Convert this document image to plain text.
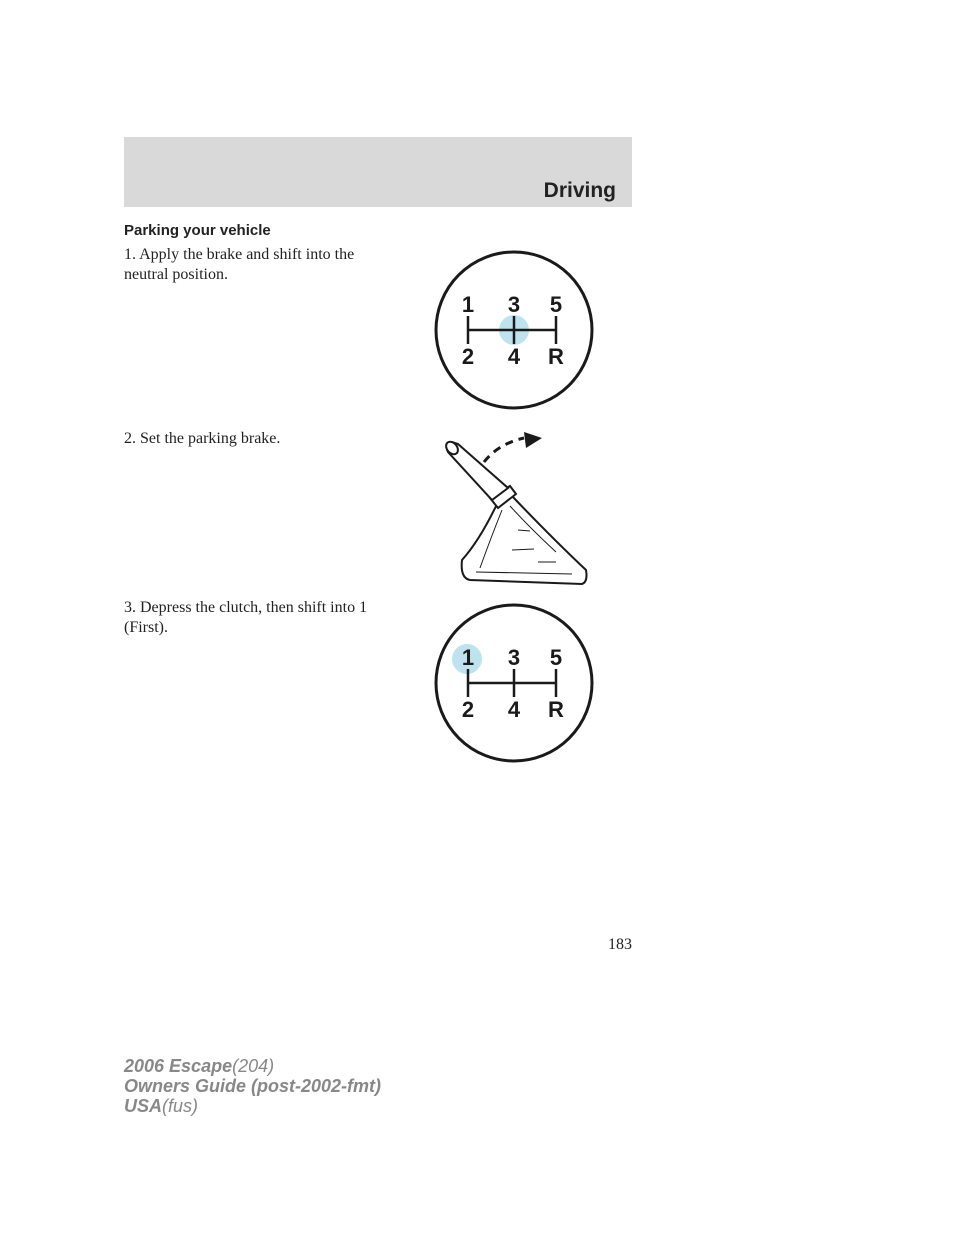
Driving
Parking your vehicle
1. Apply the brake and shift into the neutral position.
2. Set the parking brake.
3. Depress the clutch, then shift into 1 (First).
1 3 5
2 4 R
1 3 5
2 4 R
183
2006 Escape(204)
Owners Guide (post-2002-fmt)
USA(fus)
